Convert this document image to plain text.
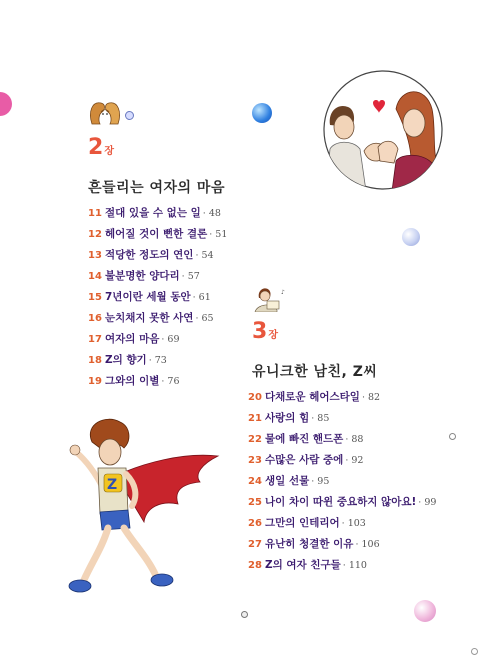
2장
흔들리는 여자의 마음
11 절대 있을 수 없는 일 · 48
12 헤어질 것이 뻔한 결론 · 51
13 적당한 정도의 연인 · 54
14 불분명한 양다리 · 57
15 7년이란 세월 동안 · 61
16 눈치채지 못한 사연 · 65
17 여자의 마음 · 69
18 Z의 향기 · 73
19 그와의 이별 · 76
♪
3장
유니크한 남친, Z씨
20 다채로운 헤어스타일 · 82
21 사랑의 힘 · 85
22 물에 빠진 핸드폰 · 88
23 수많은 사람 중에 · 92
24 생일 선물 · 95
25 나이 차이 따윈 중요하지 않아요! · 99
26 그만의 인테리어 · 103
27 유난히 청결한 이유 · 106
28 Z의 여자 친구들 · 110
Z
